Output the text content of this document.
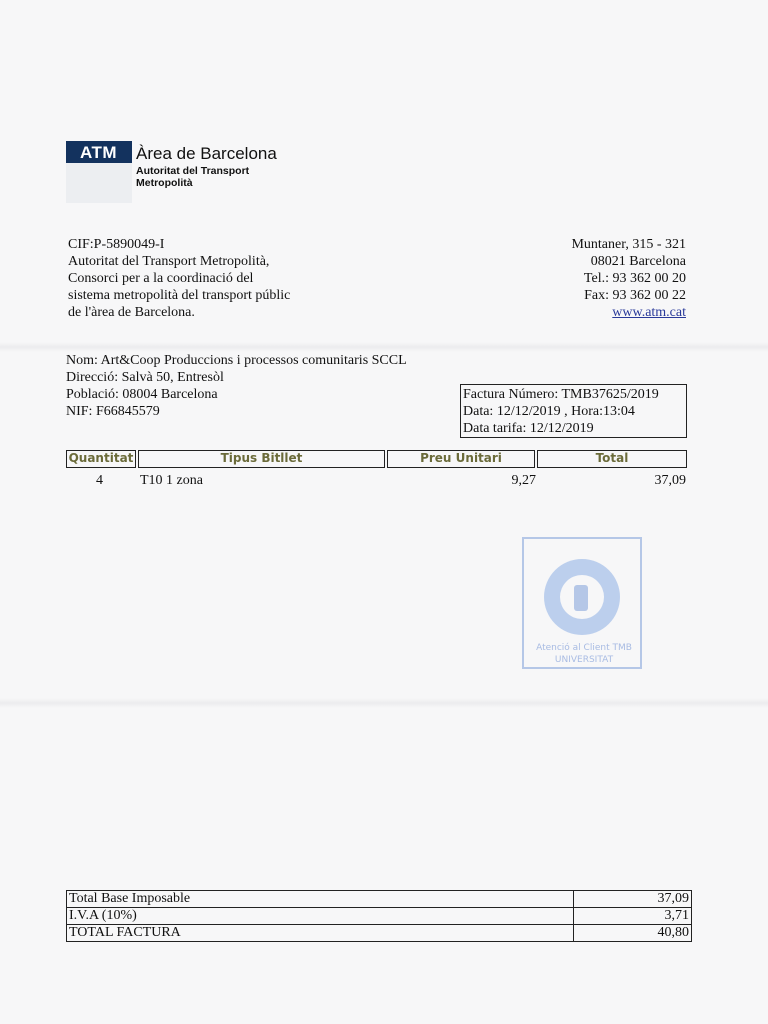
ATM Àrea de Barcelona
Autoritat del Transport
Metropolità
CIF:P-5890049-I
Autoritat del Transport Metropolità,
Consorci per a la coordinació del
sistema metropolità del transport públic
de l'àrea de Barcelona.
Muntaner, 315 - 321
08021 Barcelona
Tel.: 93 362 00 20
Fax: 93 362 00 22
www.atm.cat
Nom: Art&Coop Produccions i processos comunitaris SCCL
Direcció: Salvà 50, Entresòl
Població: 08004 Barcelona
NIF: F66845579
Factura Número: TMB37625/2019
Data: 12/12/2019 , Hora:13:04
Data tarifa: 12/12/2019
Quantitat	Tipus Bitllet	Preu Unitari	Total
4	T10 1 zona	9,27	37,09
Atenció al Client TMB
UNIVERSITAT
Total Base Imposable	37,09
I.V.A (10%)	3,71
TOTAL FACTURA	40,80
